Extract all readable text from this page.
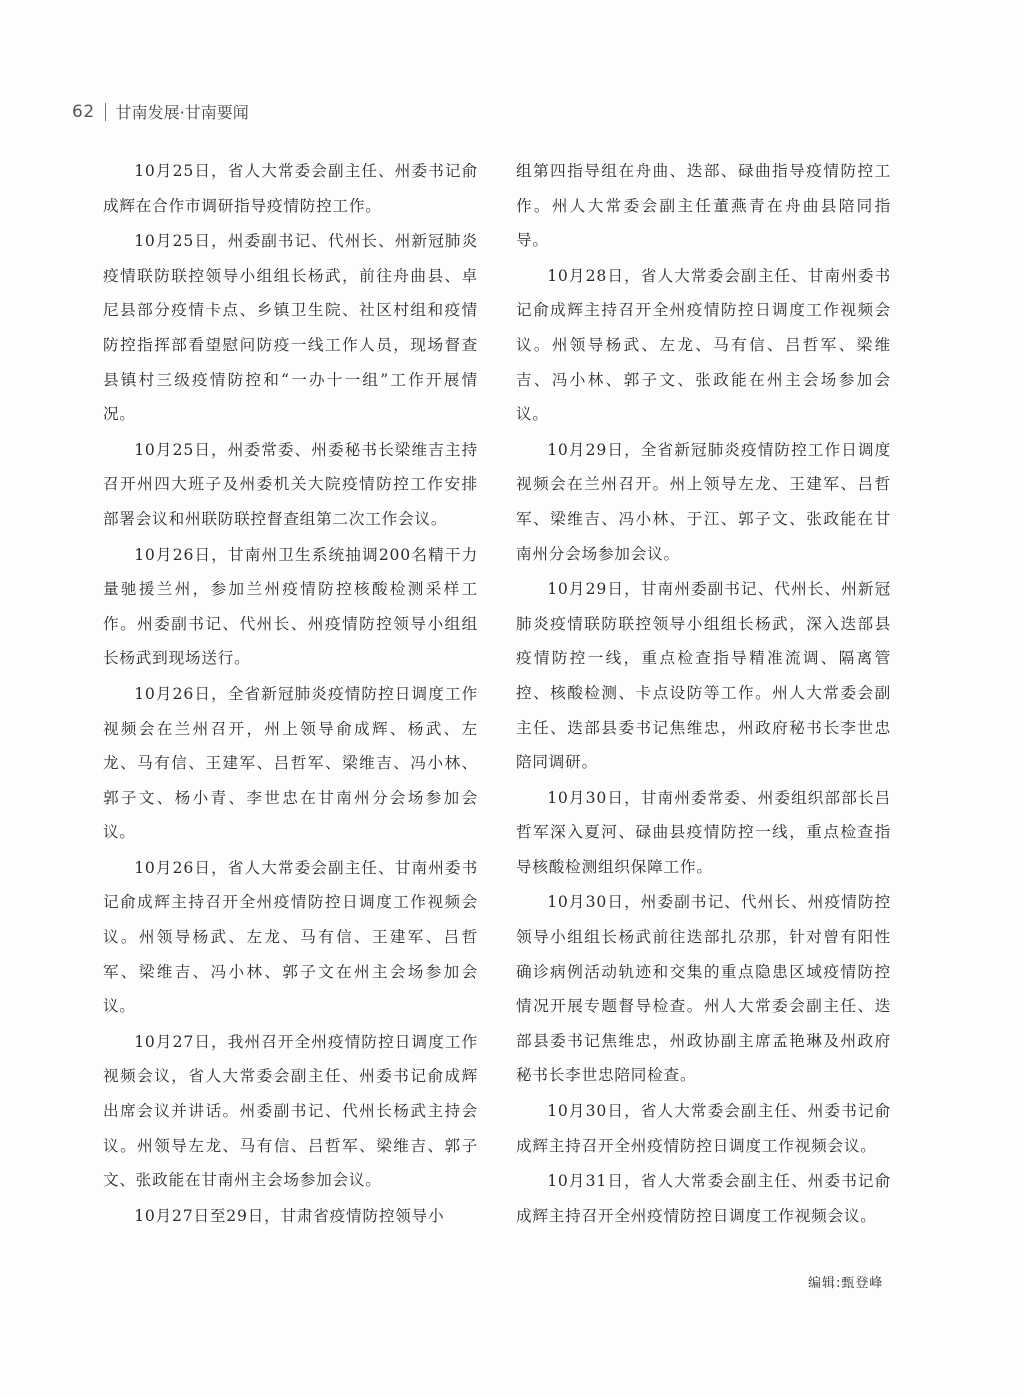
62 甘南发展·甘南要闻

10月25日，省人大常委会副主任、州委书记俞成辉在合作市调研指导疫情防控工作。

10月25日，州委副书记、代州长、州新冠肺炎疫情联防联控领导小组组长杨武，前往舟曲县、卓尼县部分疫情卡点、乡镇卫生院、社区村组和疫情防控指挥部看望慰问防疫一线工作人员，现场督查县镇村三级疫情防控和“一办十一组”工作开展情况。

10月25日，州委常委、州委秘书长梁维吉主持召开州四大班子及州委机关大院疫情防控工作安排部署会议和州联防联控督查组第二次工作会议。

10月26日，甘南州卫生系统抽调200名精干力量驰援兰州，参加兰州疫情防控核酸检测采样工作。州委副书记、代州长、州疫情防控领导小组组长杨武到现场送行。

10月26日，全省新冠肺炎疫情防控日调度工作视频会在兰州召开，州上领导俞成辉、杨武、左龙、马有信、王建军、吕哲军、梁维吉、冯小林、郭子文、杨小青、李世忠在甘南州分会场参加会议。

10月26日，省人大常委会副主任、甘南州委书记俞成辉主持召开全州疫情防控日调度工作视频会议。州领导杨武、左龙、马有信、王建军、吕哲军、梁维吉、冯小林、郭子文在州主会场参加会议。

10月27日，我州召开全州疫情防控日调度工作视频会议，省人大常委会副主任、州委书记俞成辉出席会议并讲话。州委副书记、代州长杨武主持会议。州领导左龙、马有信、吕哲军、梁维吉、郭子文、张政能在甘南州主会场参加会议。

10月27日至29日，甘肃省疫情防控领导小

组第四指导组在舟曲、迭部、碌曲指导疫情防控工作。州人大常委会副主任董燕青在舟曲县陪同指导。

10月28日，省人大常委会副主任、甘南州委书记俞成辉主持召开全州疫情防控日调度工作视频会议。州领导杨武、左龙、马有信、吕哲军、梁维吉、冯小林、郭子文、张政能在州主会场参加会议。

10月29日，全省新冠肺炎疫情防控工作日调度视频会在兰州召开。州上领导左龙、王建军、吕哲军、梁维吉、冯小林、于江、郭子文、张政能在甘南州分会场参加会议。

10月29日，甘南州委副书记、代州长、州新冠肺炎疫情联防联控领导小组组长杨武，深入迭部县疫情防控一线，重点检查指导精准流调、隔离管控、核酸检测、卡点设防等工作。州人大常委会副主任、迭部县委书记焦维忠，州政府秘书长李世忠陪同调研。

10月30日，甘南州委常委、州委组织部部长吕哲军深入夏河、碌曲县疫情防控一线，重点检查指导核酸检测组织保障工作。

10月30日，州委副书记、代州长、州疫情防控领导小组组长杨武前往迭部扎尕那，针对曾有阳性确诊病例活动轨迹和交集的重点隐患区域疫情防控情况开展专题督导检查。州人大常委会副主任、迭部县委书记焦维忠，州政协副主席孟艳琳及州政府秘书长李世忠陪同检查。

10月30日，省人大常委会副主任、州委书记俞成辉主持召开全州疫情防控日调度工作视频会议。

10月31日，省人大常委会副主任、州委书记俞成辉主持召开全州疫情防控日调度工作视频会议。

编辑:甄登峰
